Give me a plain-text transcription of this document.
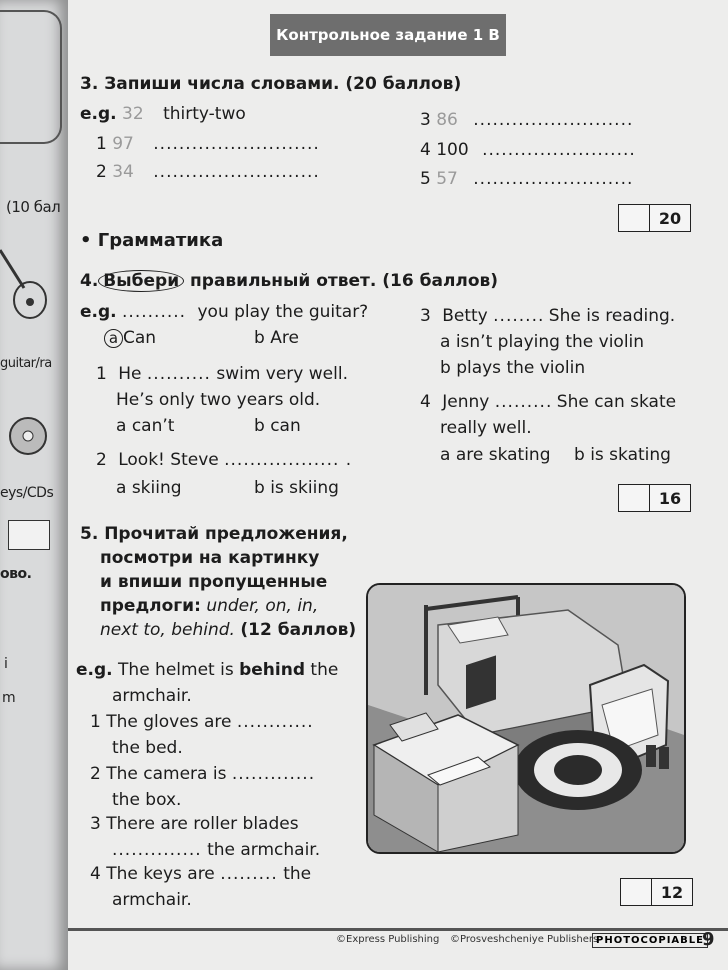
(10 бал
guitar/ra
eys/CDs
ово.
i
m
Контрольное задание 1 B
3. Запиши числа словами. (20 баллов)
e.g. 32 thirty-two
1 97 ..........................
2 34 ..........................
3 86 .........................
4 100 ........................
5 57 .........................
20
• Грамматика
4. Выбери правильный ответ. (16 баллов)
e.g. .......... you play the guitar?
a Can	b Are
1 He .......... swim very well.
He’s only two years old.
a can’t	b can
2 Look! Steve .................. .
a skiing	b is skiing
3 Betty ........ She is reading.
a isn’t playing the violin
b plays the violin
4 Jenny ......... She can skate
really well.
a are skating b is skating
16
5. Прочитай предложения,
посмотри на картинку
и впиши пропущенные
предлоги: under, on, in,
next to, behind. (12 баллов)
e.g. The helmet is behind the
armchair.
1 The gloves are ............
the bed.
2 The camera is .............
the box.
3 There are roller blades
.............. the armchair.
4 The keys are ......... the
armchair.	12
©Express Publishing ©Prosveshcheniye Publishers
PHOTOCOPIABLE
9
